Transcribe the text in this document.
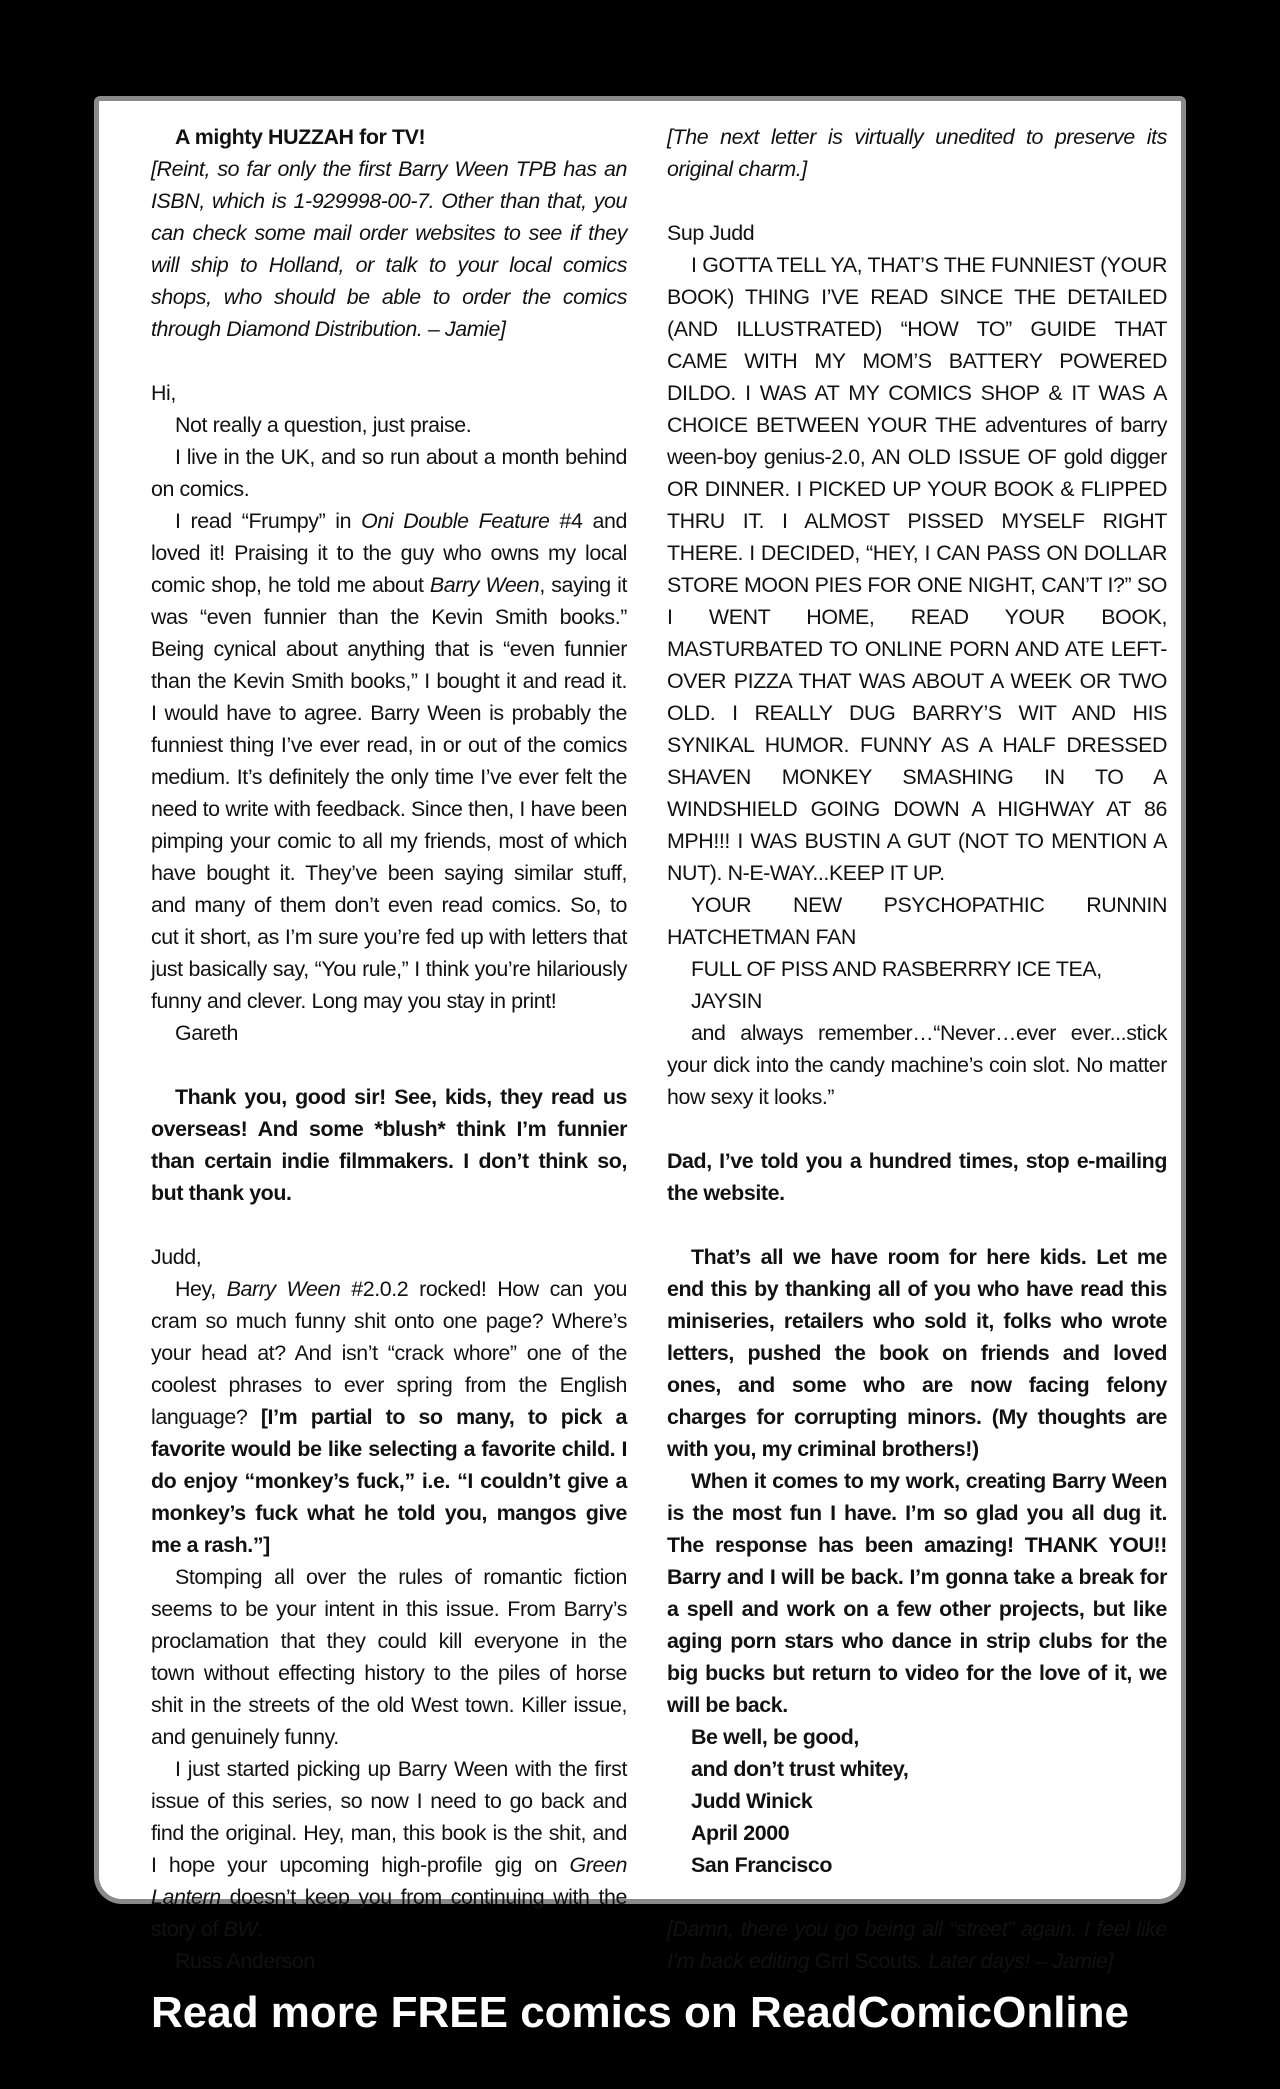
A mighty HUZZAH for TV!

[Reint, so far only the first Barry Ween TPB has an ISBN, which is 1-929998-00-7. Other than that, you can check some mail order websites to see if they will ship to Holland, or talk to your local comics shops, who should be able to order the comics through Diamond Distribution. – Jamie]

Hi,

Not really a question, just praise.

I live in the UK, and so run about a month behind on comics.

I read “Frumpy” in Oni Double Feature #4 and loved it! Praising it to the guy who owns my local comic shop, he told me about Barry Ween, saying it was “even funnier than the Kevin Smith books.” Being cynical about anything that is “even funnier than the Kevin Smith books,” I bought it and read it. I would have to agree. Barry Ween is probably the funniest thing I’ve ever read, in or out of the comics medium. It’s definitely the only time I’ve ever felt the need to write with feedback. Since then, I have been pimping your comic to all my friends, most of which have bought it. They’ve been saying similar stuff, and many of them don’t even read comics. So, to cut it short, as I’m sure you’re fed up with letters that just basically say, “You rule,” I think you’re hilariously funny and clever. Long may you stay in print!

Gareth

Thank you, good sir! See, kids, they read us overseas! And some *blush* think I’m funnier than certain indie filmmakers. I don’t think so, but thank you.

Judd,

Hey, Barry Ween #2.0.2 rocked! How can you cram so much funny shit onto one page? Where’s your head at? And isn’t “crack whore” one of the coolest phrases to ever spring from the English language? [I’m partial to so many, to pick a favorite would be like selecting a favorite child. I do enjoy “monkey’s fuck,” i.e. “I couldn’t give a monkey’s fuck what he told you, mangos give me a rash.”]

Stomping all over the rules of romantic fiction seems to be your intent in this issue. From Barry’s proclamation that they could kill everyone in the town without effecting history to the piles of horse shit in the streets of the old West town. Killer issue, and genuinely funny.

I just started picking up Barry Ween with the first issue of this series, so now I need to go back and find the original. Hey, man, this book is the shit, and I hope your upcoming high-profile gig on Green Lantern doesn’t keep you from continuing with the story of BW.

Russ Anderson

[The next letter is virtually unedited to preserve its original charm.]

Sup Judd

I GOTTA TELL YA, THAT’S THE FUNNIEST (YOUR BOOK) THING I’VE READ SINCE THE DETAILED (AND ILLUSTRATED) “HOW TO” GUIDE THAT CAME WITH MY MOM’S BATTERY POWERED DILDO. I WAS AT MY COMICS SHOP & IT WAS A CHOICE BETWEEN YOUR THE adventures of barry ween-boy genius-2.0, AN OLD ISSUE OF gold digger OR DINNER. I PICKED UP YOUR BOOK & FLIPPED THRU IT. I ALMOST PISSED MYSELF RIGHT THERE. I DECIDED, “HEY, I CAN PASS ON DOLLAR STORE MOON PIES FOR ONE NIGHT, CAN’T I?” SO I WENT HOME, READ YOUR BOOK, MASTURBATED TO ONLINE PORN AND ATE LEFT-OVER PIZZA THAT WAS ABOUT A WEEK OR TWO OLD. I REALLY DUG BARRY’S WIT AND HIS SYNIKAL HUMOR. FUNNY AS A HALF DRESSED SHAVEN MONKEY SMASHING IN TO A WINDSHIELD GOING DOWN A HIGHWAY AT 86 MPH!!! I WAS BUSTIN A GUT (NOT TO MENTION A NUT). N-E-WAY...KEEP IT UP.

YOUR NEW PSYCHOPATHIC RUNNIN HATCHETMAN FAN

FULL OF PISS AND RASBERRRY ICE TEA,

JAYSIN

and always remember…“Never…ever ever...stick your dick into the candy machine’s coin slot. No matter how sexy it looks.”

Dad, I’ve told you a hundred times, stop e-mailing the website.

That’s all we have room for here kids. Let me end this by thanking all of you who have read this miniseries, retailers who sold it, folks who wrote letters, pushed the book on friends and loved ones, and some who are now facing felony charges for corrupting minors. (My thoughts are with you, my criminal brothers!)

When it comes to my work, creating Barry Ween is the most fun I have. I’m so glad you all dug it. The response has been amazing! THANK YOU!! Barry and I will be back. I’m gonna take a break for a spell and work on a few other projects, but like aging porn stars who dance in strip clubs for the big bucks but return to video for the love of it, we will be back.

Be well, be good,

and don’t trust whitey,

Judd Winick

April 2000

San Francisco

[Damn, there you go being all “street” again. I feel like I’m back editing Grrl Scouts. Later days! – Jamie]

Read more FREE comics on ReadComicOnline
